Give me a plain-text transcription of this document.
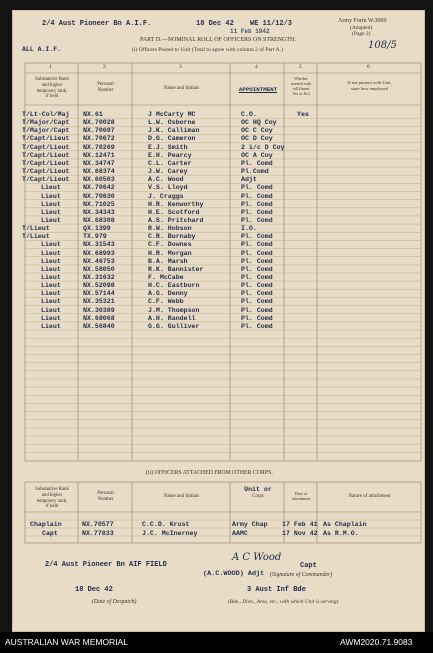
2/4 Aust Pioneer Bn A.I.F.	18 Dec 42 WE 11/12/3
11 Feb 1942
Army Form W.3009
(Adapted)
(Page 2)
PART D.—NOMINAL ROLL OF OFFICERS ON STRENGTH.
(i) Officers Posted to Unit (Total to agree with column 2 of Part A.)
ALL A.I.F.	108/5
1	2	3	4	5	6
Substantive Rank
and higher
temporary rank,
if held
Personal
Number	Name and Initials	APPOINTMENT
Whether
married with
roll (Insert
Yes or No)
If not present with Unit,
state how employed
T/Lt-Col/Maj NX.61	J McCarty MC	C.O.	Yes
T/Major/Capt NX.70028	L.W. Osborne	OC HQ Coy
T/Major/Capt NX.70697	J.K. Calliman	OC C Coy
T/Capt/Lieut NX.70672	D.G. Cameron	OC D Coy
T/Capt/Lieut NX.70269	E.J. Smith	2 i/c D Coy
T/Capt/Lieut NX.12471	E.H. Pearcy	OC A Coy
T/Capt/Lieut NX.34747	C.L. Carter	Pl. Comd
T/Capt/Lieut NX.68374	J.W. Carey	Pl.Comd
T/Capt/Lieut NX.60503	A.C. Wood	Adjt
Lieut	NX.70642	V.S. Lloyd	Pl. Comd
Lieut	NX.70830	J. Craggs	Pl. Comd
Lieut	NX.71025	H.R. Kenworthy	Pl. Comd
Lieut	NX.34343	H.E. Scotford	Pl. Comd
Lieut	NX.68308	A.S. Pritchard	Pl. Comd
T/Lieut	QX.1399	R.W. Hobson	I.O.
T/Lieut	TX.979	C.R. Burnaby	Pl. Comd
Lieut	NX.31543	C.F. Downes	Pl. Comd
Lieut	NX.68993	H.R. Morgan	Pl. Comd
Lieut	NX.46753	B.A. Marsh	Pl. Comd
Lieut	NX.58050	R.K. Bannister	Pl. Comd
Lieut	NX.31632	F. McCabe	Pl. Comd
Lieut	NX.52098	H.C. Eastburn	Pl. Comd
Lieut	NX.57144	A.G. Denny	Pl. Comd
Lieut	NX.35321	C.F. Webb	Pl. Comd
Lieut	NX.30389	J.M. Thompson	Pl. Comd
Lieut	NX.68068	A.H. Randell	Pl. Comd
Lieut	NX.56840	G.G. Gulliver	Pl. Comd
(ii) OFFICERS ATTACHED FROM OTHER CORPS.
Substantive Rank
and higher
temporary rank,
if held
Personal
Number
Name and Initials
Unit or
Corps
Date of
attachment	Nature of attachment
Chaplain	NX.70577	C.C.D. Krust	Army Chap 17 Feb 41 As Chaplain
Capt	NX.77833	J.C. McInerney	AAMC	17 Nov 42 As R.M.O.
2/4 Aust Pioneer Bn AIF FIELD
A C Wood
Capt
(A.C.WOOD) Adjt (Signature of Commander)
18 Dec 42	3 Aust Inf Bde
(Date of Despatch)	(Bde., Divn., Area, etc., with which Unit is serving)
AUSTRALIAN WAR MEMORIAL	AWM2020.71.9083
